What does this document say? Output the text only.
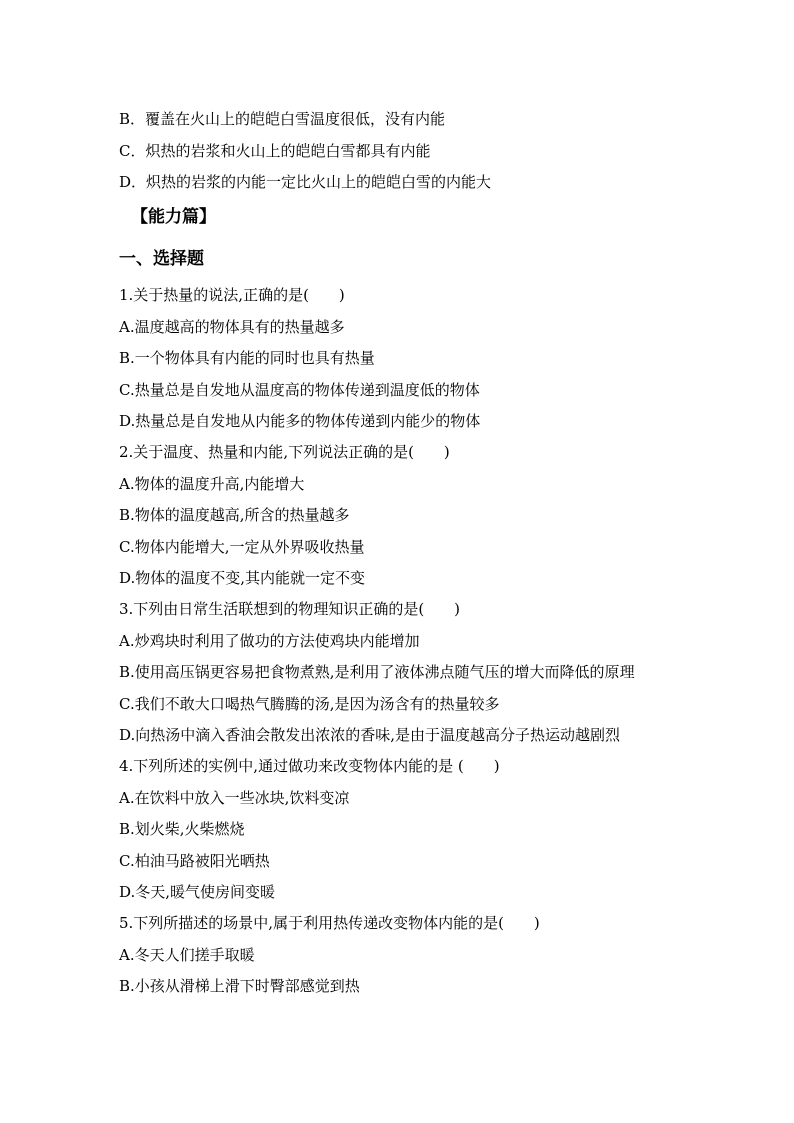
B．覆盖在火山上的皑皑白雪温度很低，没有内能
C．炽热的岩浆和火山上的皑皑白雪都具有内能
D．炽热的岩浆的内能一定比火山上的皑皑白雪的内能大
【能力篇】
一、选择题
1.关于热量的说法,正确的是(　　)
A.温度越高的物体具有的热量越多
B.一个物体具有内能的同时也具有热量
C.热量总是自发地从温度高的物体传递到温度低的物体
D.热量总是自发地从内能多的物体传递到内能少的物体
2.关于温度、热量和内能,下列说法正确的是(　　)
A.物体的温度升高,内能增大
B.物体的温度越高,所含的热量越多
C.物体内能增大,一定从外界吸收热量
D.物体的温度不变,其内能就一定不变
3.下列由日常生活联想到的物理知识正确的是(　　)
A.炒鸡块时利用了做功的方法使鸡块内能增加
B.使用高压锅更容易把食物煮熟,是利用了液体沸点随气压的增大而降低的原理
C.我们不敢大口喝热气腾腾的汤,是因为汤含有的热量较多
D.向热汤中滴入香油会散发出浓浓的香味,是由于温度越高分子热运动越剧烈
4.下列所述的实例中,通过做功来改变物体内能的是 (　　)
A.在饮料中放入一些冰块,饮料变凉
B.划火柴,火柴燃烧
C.柏油马路被阳光晒热
D.冬天,暖气使房间变暖
5.下列所描述的场景中,属于利用热传递改变物体内能的是(　　)
A.冬天人们搓手取暖
B.小孩从滑梯上滑下时臀部感觉到热
